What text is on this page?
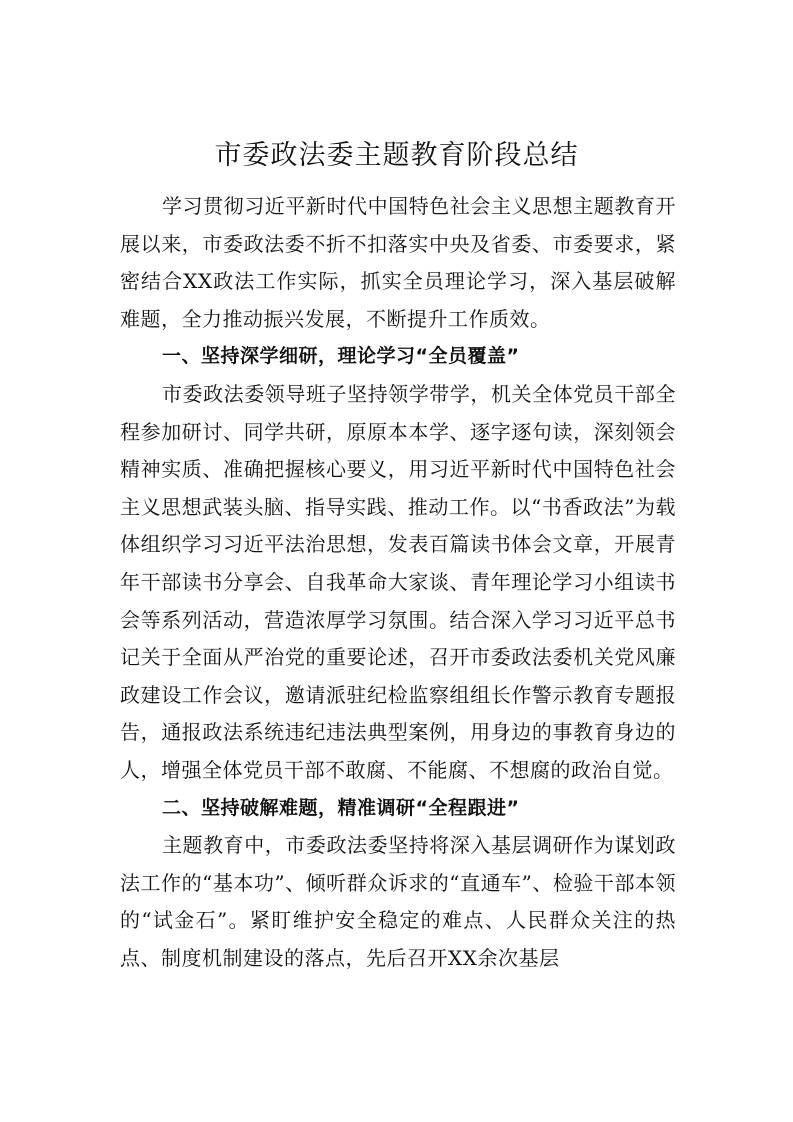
市委政法委主题教育阶段总结

学习贯彻习近平新时代中国特色社会主义思想主题教育开展以来，市委政法委不折不扣落实中央及省委、市委要求，紧密结合XX政法工作实际，抓实全员理论学习，深入基层破解难题，全力推动振兴发展，不断提升工作质效。

一、坚持深学细研，理论学习“全员覆盖”

市委政法委领导班子坚持领学带学，机关全体党员干部全程参加研讨、同学共研，原原本本学、逐字逐句读，深刻领会精神实质、准确把握核心要义，用习近平新时代中国特色社会主义思想武装头脑、指导实践、推动工作。以“书香政法”为载体组织学习习近平法治思想，发表百篇读书体会文章，开展青年干部读书分享会、自我革命大家谈、青年理论学习小组读书会等系列活动，营造浓厚学习氛围。结合深入学习习近平总书记关于全面从严治党的重要论述，召开市委政法委机关党风廉政建设工作会议，邀请派驻纪检监察组组长作警示教育专题报告，通报政法系统违纪违法典型案例，用身边的事教育身边的人，增强全体党员干部不敢腐、不能腐、不想腐的政治自觉。

二、坚持破解难题，精准调研“全程跟进”

主题教育中，市委政法委坚持将深入基层调研作为谋划政法工作的“基本功”、倾听群众诉求的“直通车”、检验干部本领的“试金石”。紧盯维护安全稳定的难点、人民群众关注的热点、制度机制建设的落点，先后召开XX余次基层
